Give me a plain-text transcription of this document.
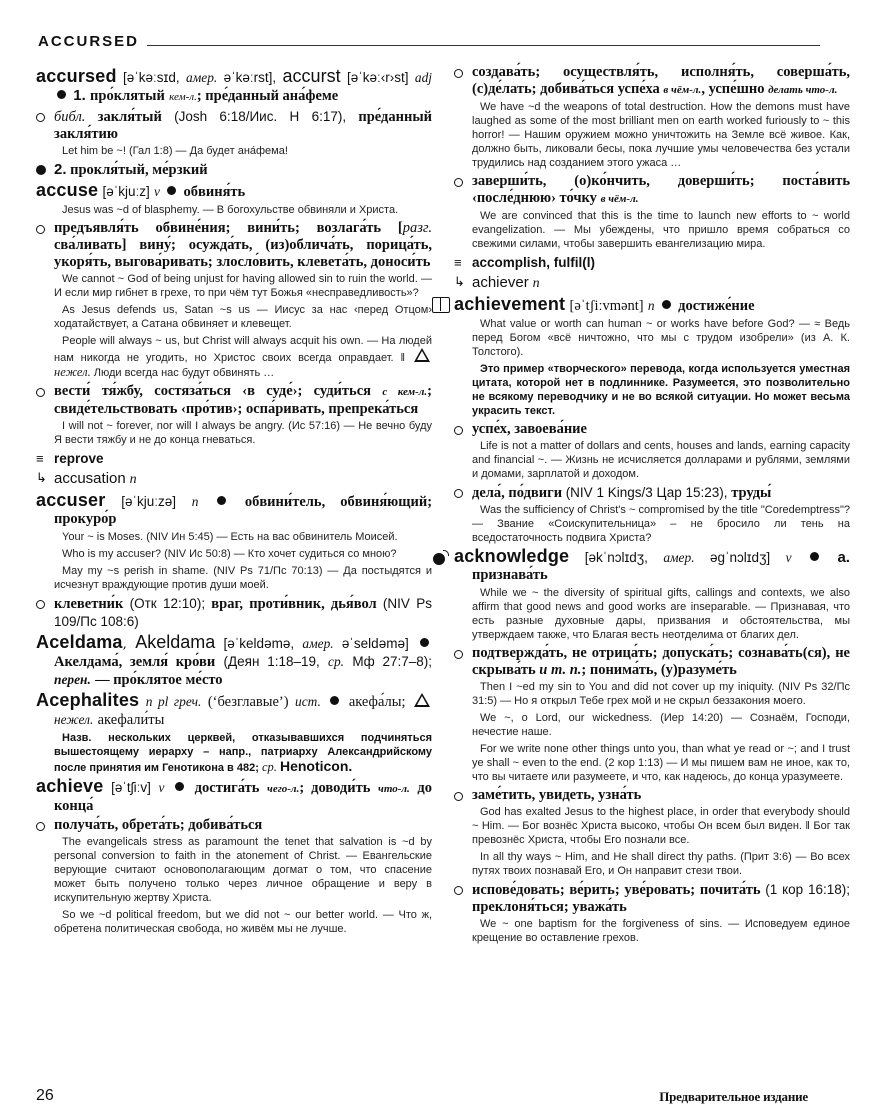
ACCURSED
accursed [əˈkəːsɪd, амер. əˈkəːrst], accurst [əˈkəː‹r›st] adj  1. про́клятый кем-л.; пре́данный ана́феме
библ. закля́тый (Josh 6:18/Иис. Н 6:17), пре́данный закля́тию
Let him be ~! (Гал 1:8) — Да будет ана́фема!
2. прокля́тый, ме́рзкий
accuse [əˈkjuːz] v обвиня́ть
Jesus was ~d of blasphemy. — В богохульстве обвиняли и Христа.
предъявля́ть обвине́ния; вини́ть; возлага́ть [разг. сва́ливать] вину́; осужда́ть, (из)облича́ть, порица́ть, укоря́ть, выгова́ривать; злосло́вить, клевета́ть, доноси́ть
We cannot ~ God of being unjust for having allowed sin to ruin the world. — И если мир гибнет в грехе, то при чём тут Божья «несправедливость»?
As Jesus defends us, Satan ~s us — Иисус за нас ‹перед Отцом› ходатайствует, а Сатана обвиняет и клевещет.
People will always ~ us, but Christ will always acquit his own. — На людей нам никогда не угодить, но Христос своих всегда оправдает. ‖  нежел. Люди всегда нас будут обвинять …
вести́ тя́жбу, состяза́ться ‹в суде́›; суди́ться с кем-л.; свиде́тельствовать ‹про́тив›; оспа́ривать, препрека́ться
I will not ~ forever, nor will I always be angry. (Ис 57:16) — Не вечно буду Я вести тяжбу и не до конца гневаться.
≡ reprove
↳ accusation n
accuser [əˈkjuːzə] n	обвини́тель, обвиня́ющий; прокуро́р
Your ~ is Moses. (NIV Ин 5:45) — Есть на вас обвинитель Моисей.
Who is my accuser? (NIV Ис 50:8) — Кто хочет судиться со мною?
May my ~s perish in shame. (NIV Ps 71/Пс 70:13) — Да постыдятся и исчезнут враждующие против души моей.
клеветни́к (Отк 12:10); враг, проти́вник, дья́вол (NIV Ps 109/Пс 108:6)
Aceldama, Akeldama [əˈkeldəmə, амер. əˈseldəmə]  Акелдама́, земля́ кро́ви (Деян 1:18–19, ср. Мф 27:7–8); перен. — про́клятое ме́сто
Acephalites n pl греч. (‘безглавые’) ист. акефа́лы;  нежел. акефали́ты
Назв. нескольких церквей, отказывавшихся подчиняться вышестоящему иерарху – напр., патриарху Александрийскому после принятия им Генотикона в 482; ср. Henoticon.
achieve [əˈtʃiːv] v достига́ть чего-л.; доводи́ть что-л. до конца́
получа́ть, обрета́ть; добива́ться
The evangelicals stress as paramount the tenet that salvation is ~d by personal conversion to faith in the atonement of Christ. — Евангельские верующие считают основополагающим догмат о том, что спасение может быть получено только через личное обращение и веру в искупительную жертву Христа.
So we ~d political freedom, but we did not ~ our better world. — Что ж, обретена политическая свобода, но живём мы не лучше.
создава́ть; осуществля́ть, исполня́ть, соверша́ть, (с)де́лать; добива́ться успе́ха в чём-л., успе́шно делать что-л.
We have ~d the weapons of total destruction. How the demons must have laughed as some of the most brilliant men on earth worked furiously to ~ this horror! — Нашим оружием можно уничтожить на Земле всё живое. Как, должно быть, ликовали бесы, пока лучшие умы человечества без устали трудились над созданием этого ужаса …
заверши́ть, (о)ко́нчить, доверши́ть; поста́вить ‹после́днюю› то́чку в чём-л.
We are convinced that this is the time to launch new efforts to ~ world evangelization. — Мы убеждены, что пришло время собраться со свежими силами, чтобы завершить евангелизацию мира.
≡ accomplish, fulfil(l)
↳ achiever n
achievement [əˈtʃiːvmənt] n достиже́ние
What value or worth can human ~ or works have before God? — ≈ Ведь перед Богом «всё ничтожно, что мы с трудом изобрели» (из А. К. Толстого).
Это пример «творческого» перевода, когда используется уместная цитата, которой нет в подлиннике. Разумеется, это позволительно не всякому переводчику и не во всякой ситуации. Но может весьма украсить текст.
успе́х, завоева́ние
Life is not a matter of dollars and cents, houses and lands, earning capacity and financial ~. — Жизнь не исчисляется долларами и рублями, землями и домами, зарплатой и доходом.
дела́, по́двиги (NIV 1 Kings/3 Цар 15:23), труды́
Was the sufficiency of Christ's ~ compromised by the title "Coredemptress"? — Звание «Соискупительница» – не бросило ли тень на вседостаточность подвига Христа?
acknowledge [əkˈnɔlɪdʒ, амер. əgˈnɔlɪdʒ] v	a. признава́ть
While we ~ the diversity of spiritual gifts, callings and contexts, we also affirm that good news and good works are inseparable. — Признавая, что есть разные духовные дары, призвания и обстоятельства, мы утверждаем также, что Благая весть неотделима от благих дел.
подтвержда́ть, не отрица́ть; допуска́ть; сознава́ть(ся), не скрыва́ть и т. п.; понима́ть, (у)разуме́ть
Then I ~ed my sin to You and did not cover up my iniquity. (NIV Ps 32/Пс 31:5) — Но я открыл Тебе грех мой и не скрыл беззакония моего.
We ~, o Lord, our wickedness. (Иер 14:20) — Сознаём, Господи, нечестие наше.
For we write none other things unto you, than what ye read or ~; and I trust ye shall ~ even to the end. (2 кор 1:13) — И мы пишем вам не иное, как то, что вы читаете или разумеете, и что, как надеюсь, до конца уразумеете.
заме́тить, увидеть, узна́ть
God has exalted Jesus to the highest place, in order that everybody should ~ Him. — Бог вознёс Христа высоко, чтобы Он всем был виден. ‖ Бог так превознёс Христа, чтобы Его познали все.
In all thy ways ~ Him, and He shall direct thy paths. (Прит 3:6) — Во всех путях твоих познавай Его, и Он направит стези твои.
испове́довать; ве́рить; уве́ровать; почита́ть (1 кор 16:18); преклоня́ться; уважа́ть
We ~ one baptism for the forgiveness of sins. — Исповедуем единое крещение во оставление грехов.
26	Предварительное издание
